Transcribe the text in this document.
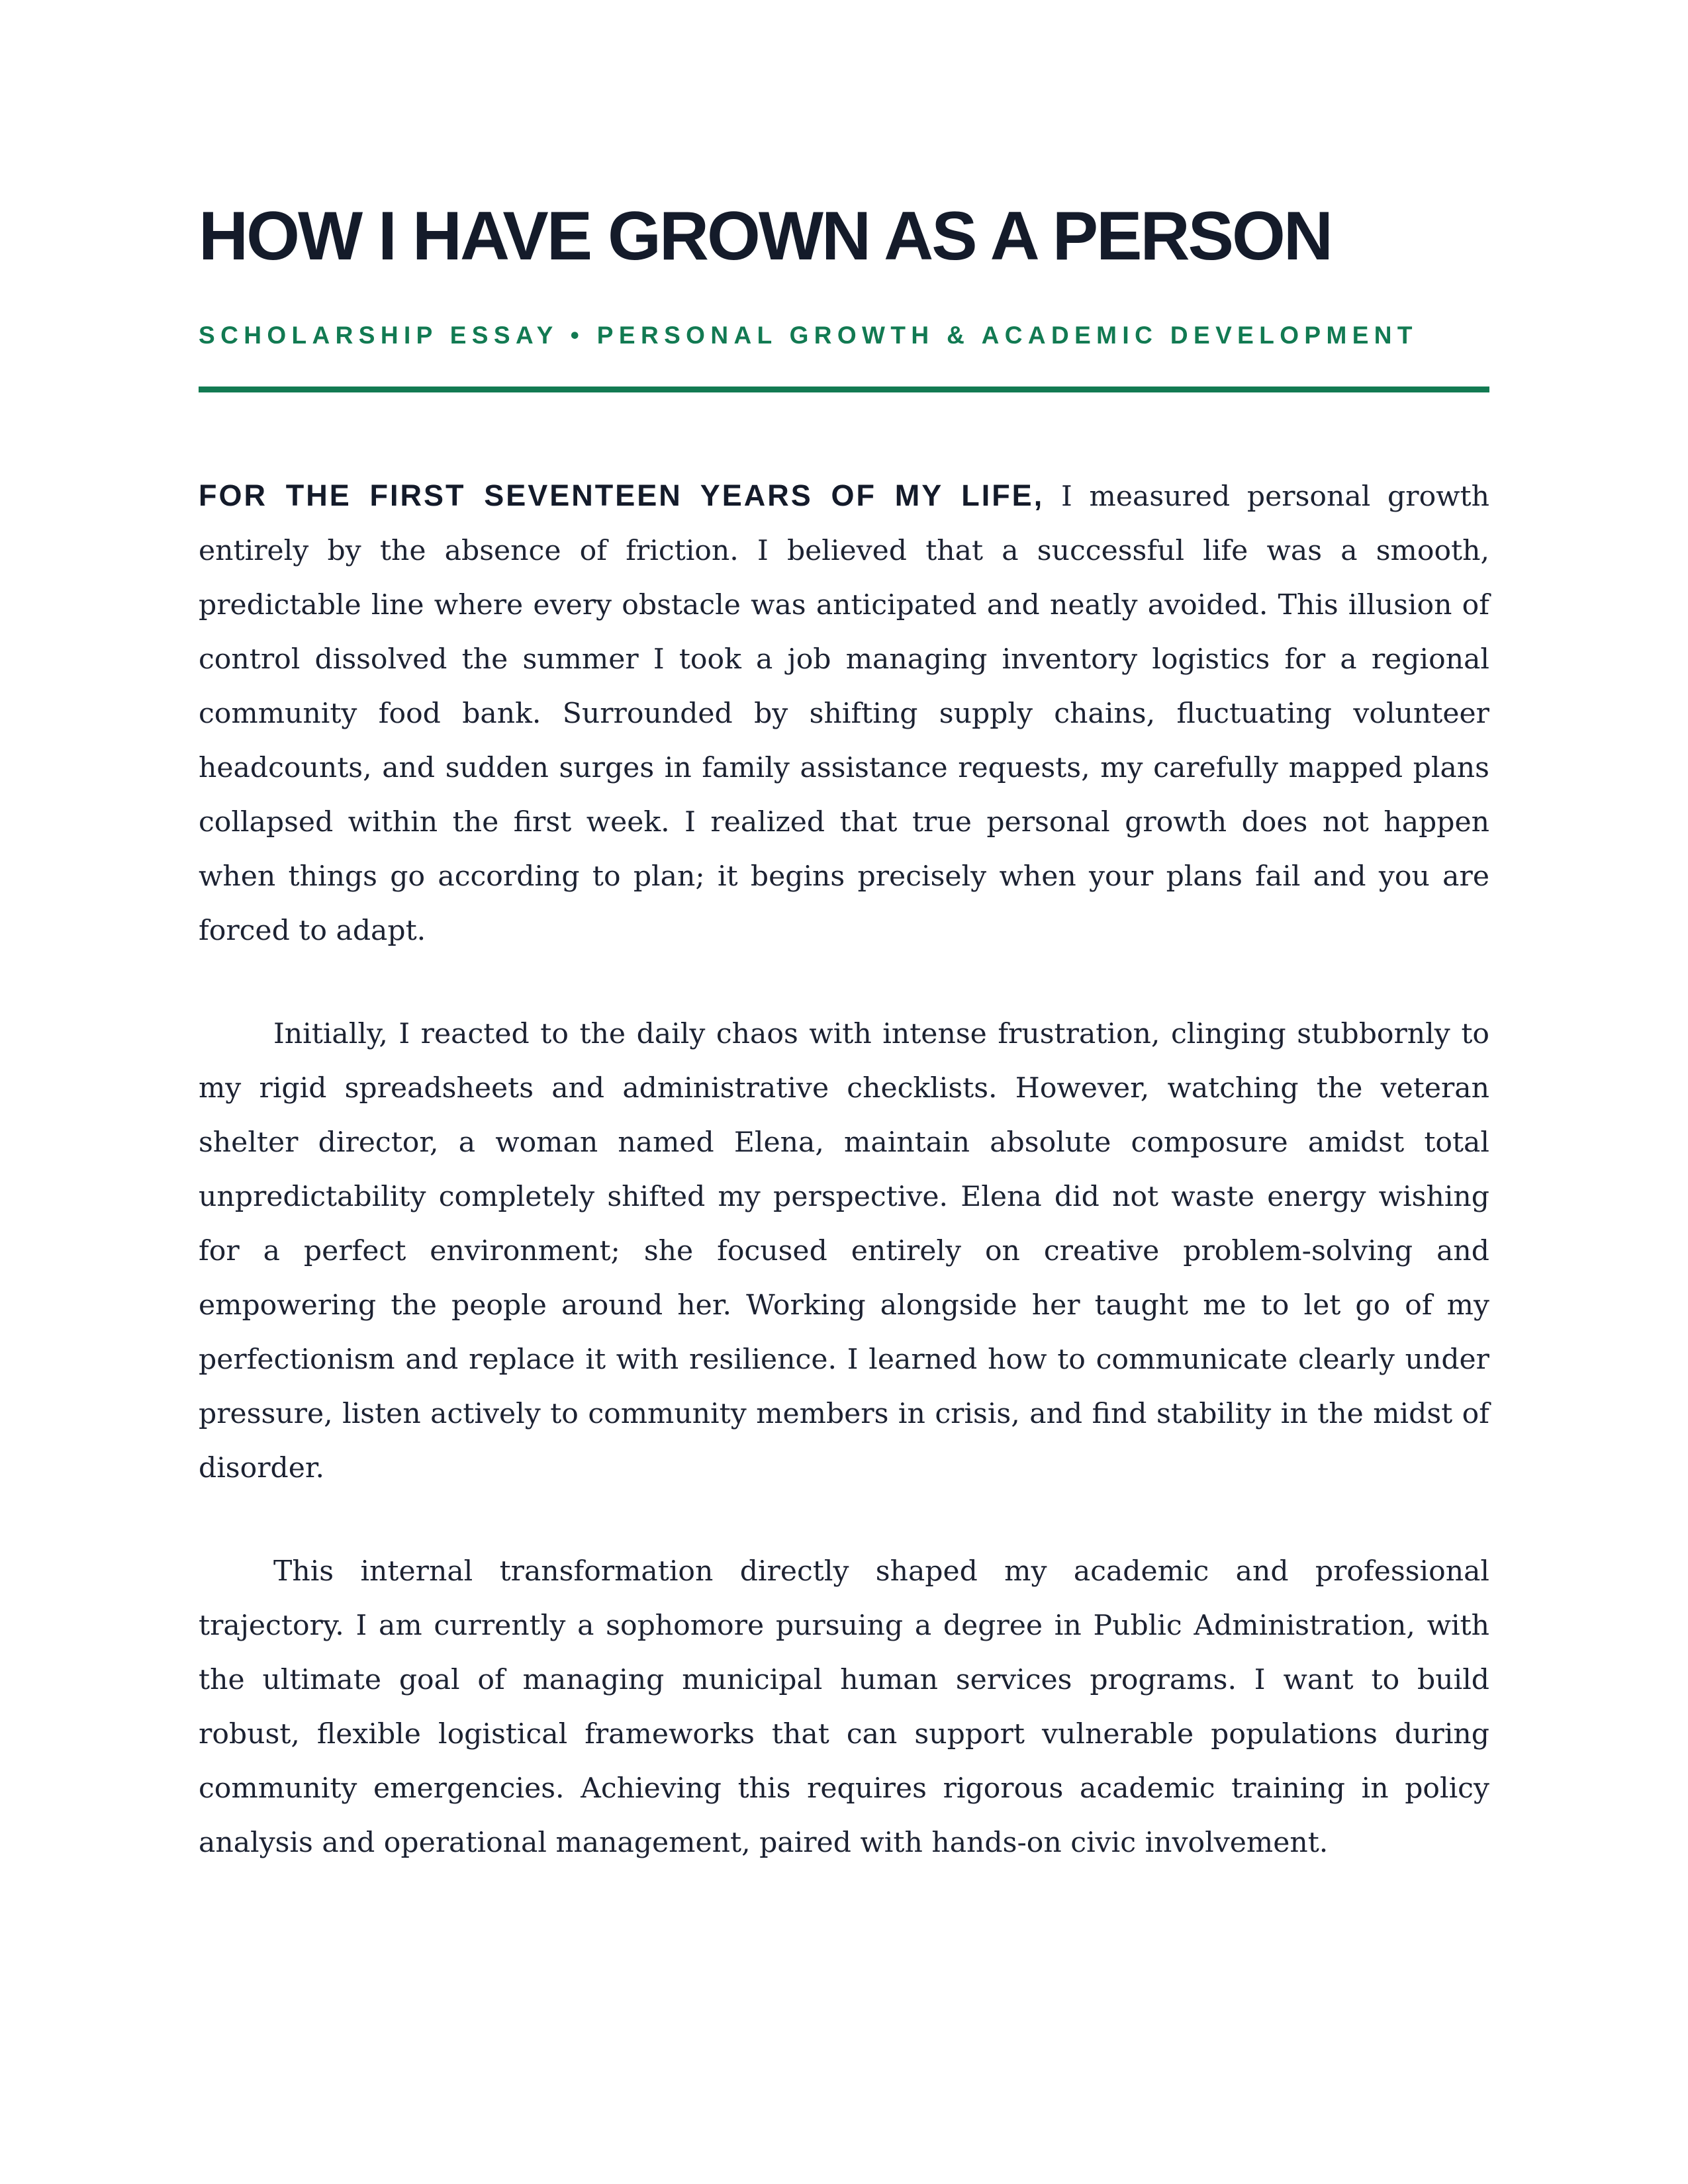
HOW I HAVE GROWN AS A PERSON
SCHOLARSHIP ESSAY • PERSONAL GROWTH & ACADEMIC DEVELOPMENT

FOR THE FIRST SEVENTEEN YEARS OF MY LIFE, I measured personal growth entirely by the absence of friction. I believed that a successful life was a smooth, predictable line where every obstacle was anticipated and neatly avoided. This illusion of control dissolved the summer I took a job managing inventory logistics for a regional community food bank. Surrounded by shifting supply chains, fluctuating volunteer headcounts, and sudden surges in family assistance requests, my carefully mapped plans collapsed within the first week. I realized that true personal growth does not happen when things go according to plan; it begins precisely when your plans fail and you are forced to adapt.

Initially, I reacted to the daily chaos with intense frustration, clinging stubbornly to my rigid spreadsheets and administrative checklists. However, watching the veteran shelter director, a woman named Elena, maintain absolute composure amidst total unpredictability completely shifted my perspective. Elena did not waste energy wishing for a perfect environment; she focused entirely on creative problem-solving and empowering the people around her. Working alongside her taught me to let go of my perfectionism and replace it with resilience. I learned how to communicate clearly under pressure, listen actively to community members in crisis, and find stability in the midst of disorder.

This internal transformation directly shaped my academic and professional trajectory. I am currently a sophomore pursuing a degree in Public Administration, with the ultimate goal of managing municipal human services programs. I want to build robust, flexible logistical frameworks that can support vulnerable populations during community emergencies. Achieving this requires rigorous academic training in policy analysis and operational management, paired with hands-on civic involvement.
